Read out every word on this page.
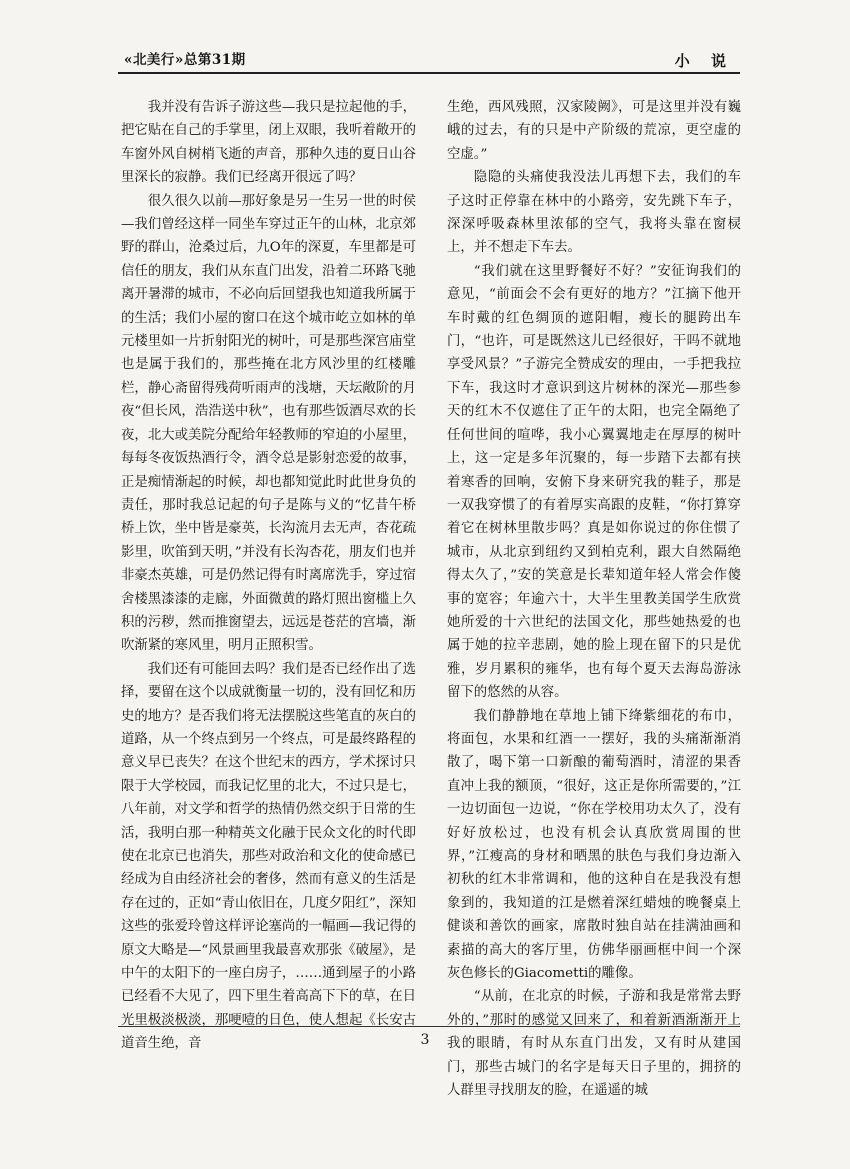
«北美行»总第31期	小 说

我并没有告诉子游这些—我只是拉起他的手，把它贴在自己的手掌里，闭上双眼，我听着敞开的车窗外风自树梢飞逝的声音，那种久违的夏日山谷里深长的寂静。我们已经离开很远了吗？

很久很久以前—那好象是另一生另一世的时侯—我们曾经这样一同坐车穿过正午的山林，北京郊野的群山，沧桑过后，九O年的深夏，车里都是可信任的朋友，我们从东直门出发，沿着二环路飞驰离开暑滞的城市，不必向后回望我也知道我所属于的生活；我们小屋的窗口在这个城市屹立如林的单元楼里如一片折射阳光的树叶，可是那些深宫庙堂也是属于我们的，那些掩在北方风沙里的红楼雕栏，静心斋留得残荷听雨声的浅塘，天坛敞阶的月夜“但长风，浩浩送中秋”，也有那些饭酒尽欢的长夜，北大或美院分配给年轻教师的窄迫的小屋里，每每冬夜饭热酒行令，酒令总是影射恋爱的故事，正是痴情渐起的时候，却也都知觉此时此世身负的责任，那时我总记起的句子是陈与义的“忆昔午桥桥上饮，坐中皆是豪英，长沟流月去无声，杏花疏影里，吹笛到天明，”并没有长沟杏花，朋友们也并非豪杰英雄，可是仍然记得有时离席洗手，穿过宿舍楼黑漆漆的走廊，外面微黄的路灯照出窗槛上久积的污秽，然而推窗望去，远远是苍茫的宫墙，渐吹渐紧的寒风里，明月正照积雪。

我们还有可能回去吗？我们是否已经作出了选择，要留在这个以成就衡量一切的，没有回忆和历史的地方？是否我们将无法摆脱这些笔直的灰白的道路，从一个终点到另一个终点，可是最终路程的意义早已丧失？在这个世纪末的西方，学术探讨只限于大学校园，而我记忆里的北大，不过只是七，八年前，对文学和哲学的热情仍然交织于日常的生活，我明白那一种精英文化融于民众文化的时代即使在北京已也消失，那些对政治和文化的使命感已经成为自由经济社会的奢侈，然而有意义的生活是存在过的，正如“青山依旧在，几度夕阳红”，深知这些的张爱玲曾这样评论塞尚的一幅画—我记得的原文大略是—“风景画里我最喜欢那张《破屋》，是中午的太阳下的一座白房子，……通到屋子的小路已经看不大见了，四下里生着高高下下的草，在日光里极淡极淡，那哽噎的日色，使人想起《长安古道音生绝，音

生绝，西风残照，汉家陵阙》，可是这里并没有巍峨的过去，有的只是中产阶级的荒凉，更空虚的空虚。”

隐隐的头痛使我没法儿再想下去，我们的车子这时正停靠在林中的小路旁，安先跳下车子，深深呼吸森林里浓郁的空气，我将头靠在窗棂上，并不想走下车去。

“我们就在这里野餐好不好？”安征询我们的意见，“前面会不会有更好的地方？”江摘下他开车时戴的红色绸顶的遮阳帽，瘦长的腿跨出车门，“也许，可是既然这儿已经很好，干吗不就地享受风景？”子游完全赞成安的理由，一手把我拉下车，我这时才意识到这片树林的深光—那些参天的红木不仅遮住了正午的太阳，也完全隔绝了任何世间的喧哗，我小心翼翼地走在厚厚的树叶上，这一定是多年沉聚的，每一步踏下去都有挟着寒香的回响，安俯下身来研究我的鞋子，那是一双我穿惯了的有着厚实高跟的皮鞋，“你打算穿着它在树林里散步吗？真是如你说过的你住惯了城市，从北京到纽约又到柏克利，跟大自然隔绝得太久了，”安的笑意是长辈知道年轻人常会作傻事的宽容；年逾六十，大半生里教美国学生欣赏她所爱的十六世纪的法国文化，那些她热爱的也属于她的拉辛悲剧，她的脸上现在留下的只是优雅，岁月累积的雍华，也有每个夏天去海岛游泳留下的悠然的从容。

我们静静地在草地上铺下绛紫细花的布巾，将面包，水果和红酒一一摆好，我的头痛渐渐消散了，喝下第一口新酿的葡萄酒时，清涩的果香直冲上我的额顶，“很好，这正是你所需要的，”江一边切面包一边说，“你在学校用功太久了，没有好好放松过，也没有机会认真欣赏周围的世界，”江瘦高的身材和晒黑的肤色与我们身边渐入初秋的红木非常调和，他的这种自在是我没有想象到的，我知道的江是燃着深红蜡烛的晚餐桌上健谈和善饮的画家，席散时独自站在挂满油画和素描的高大的客厅里，仿佛华丽画框中间一个深灰色修长的Giacometti的雕像。

“从前，在北京的时候，子游和我是常常去野外的，”那时的感觉又回来了，和着新酒渐渐开上我的眼睛，有时从东直门出发，又有时从建国门，那些古城门的名字是每天日子里的，拥挤的人群里寻找朋友的脸，在遥遥的城

3
